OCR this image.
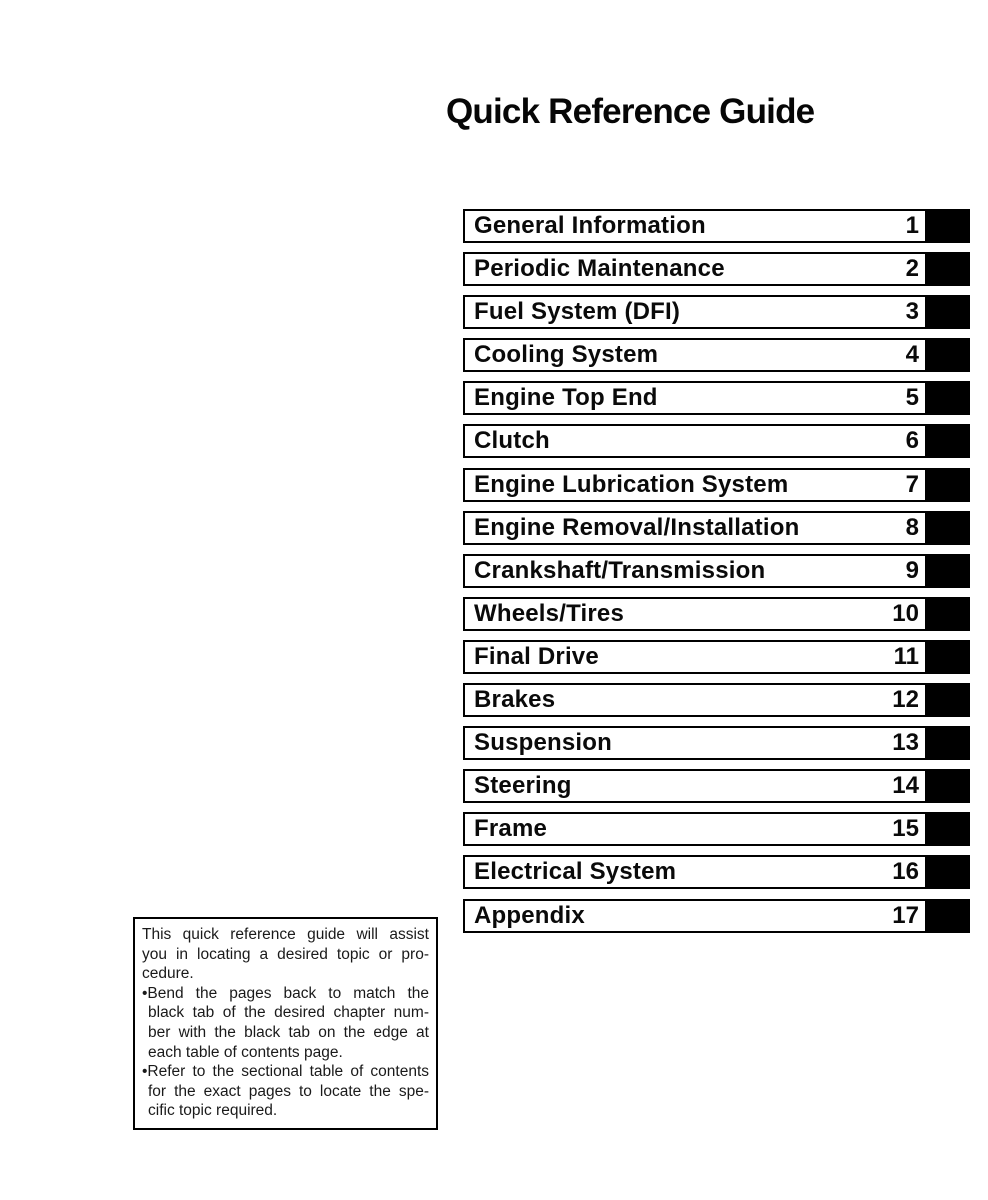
Quick Reference Guide
General Information	1
Periodic Maintenance	2
Fuel System (DFI)	3
Cooling System	4
Engine Top End	5
Clutch	6
Engine Lubrication System	7
Engine Removal/Installation	8
Crankshaft/Transmission	9
Wheels/Tires	10
Final Drive	11
Brakes	12
Suspension	13
Steering	14
Frame	15
Electrical System	16
Appendix	17
This quick reference guide will assist
you in locating a desired topic or pro-
cedure.
•Bend the pages back to match the
black tab of the desired chapter num-
ber with the black tab on the edge at
each table of contents page.
•Refer to the sectional table of contents
for the exact pages to locate the spe-
cific topic required.
